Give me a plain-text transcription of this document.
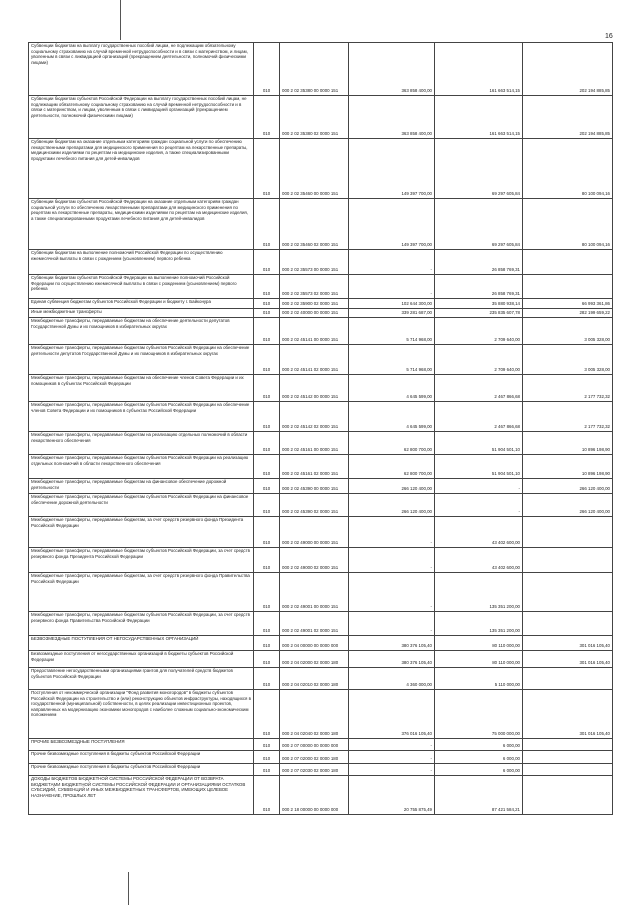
16
Субвенции бюджетам на выплату государственных пособий лицам, не подлежащим обязательному социальному страхованию на случай временной нетрудоспособности и в связи с материнством, и лицам, уволенным в связи с ликвидацией организаций (прекращением деятельности, полномочий физическими лицами)	010	000 2 02 35380 00 0000 151	363 858 400,00	161 663 514,15	202 194 885,85
Субвенции бюджетам субъектов Российской Федерации на выплату государственных пособий лицам, не подлежащим обязательному социальному страхованию на случай временной нетрудоспособности и в связи с материнством, и лицам, уволенным в связи с ликвидацией организаций (прекращением деятельности, полномочий физическими лицами)	010	000 2 02 35380 02 0000 151	363 858 400,00	161 663 514,15	202 194 885,85
Субвенции бюджетам на оказание отдельным категориям граждан социальной услуги по обеспечению лекарственными препаратами для медицинского применения по рецептам на лекарственные препараты, медицинскими изделиями по рецептам на медицинские изделия, а также специализированными продуктами лечебного питания для детей-инвалидов	010	000 2 02 35460 00 0000 151	149 397 700,00	69 297 605,84	80 100 094,16
Субвенции бюджетам субъектов Российской Федерации на оказание отдельным категориям граждан социальной услуги по обеспечению лекарственными препаратами для медицинского применения по рецептам на лекарственные препараты, медицинскими изделиями по рецептам на медицинские изделия, а также специализированными продуктами лечебного питания для детей-инвалидов	010	000 2 02 35460 02 0000 151	149 397 700,00	69 297 605,84	80 100 094,16
Субвенции бюджетам на выполнение полномочий Российской Федерации по осуществлению ежемесячной выплаты в связи с рождением (усыновлением) первого ребенка	010	000 2 02 35573 00 0000 151	-	26 858 769,31	
Субвенции бюджетам субъектов Российской Федерации на выполнение полномочий Российской Федерации по осуществлению ежемесячной выплаты в связи с рождением (усыновлением) первого ребенка	010	000 2 02 35573 02 0000 151	-	26 858 769,31	
Единая субвенция бюджетам субъектов Российской Федерации и бюджету г. Байконура	010	000 2 02 35900 02 0000 151	102 644 300,00	35 880 938,14	66 993 361,86
Иные межбюджетные трансферты	010	000 2 02 40000 00 0000 151	339 281 687,00	235 835 607,78	282 199 659,22
Межбюджетные трансферты, передаваемые бюджетам на обеспечение деятельности депутатов Государственной Думы и их помощников в избирательных округах	010	000 2 02 45141 00 0000 151	5 714 968,00	2 709 640,00	3 005 328,00
Межбюджетные трансферты, передаваемые бюджетам субъектов Российской Федерации на обеспечение деятельности депутатов Государственной Думы и их помощников в избирательных округах	010	000 2 02 45141 02 0000 151	5 714 968,00	2 709 640,00	3 005 328,00
Межбюджетные трансферты, передаваемые бюджетам на обеспечение членов Совета Федерации и их помощников в субъектах Российской Федерации	010	000 2 02 45142 00 0000 151	4 645 599,00	2 467 866,68	2 177 732,32
Межбюджетные трансферты, передаваемые бюджетам субъектов Российской Федерации на обеспечение членов Совета Федерации и их помощников в субъектах Российской Федерации	010	000 2 02 45142 02 0000 151	4 645 599,00	2 467 866,68	2 177 732,32
Межбюджетные трансферты, передаваемые бюджетам на реализацию отдельных полномочий в области лекарственного обеспечения	010	000 2 02 45161 00 0000 151	62 800 700,00	51 904 501,10	10 896 198,90
Межбюджетные трансферты, передаваемые бюджетам субъектов Российской Федерации на реализацию отдельных полномочий в области лекарственного обеспечения	010	000 2 02 45161 02 0000 151	62 800 700,00	51 904 501,10	10 896 198,90
Межбюджетные трансферты, передаваемые бюджетам на финансовое обеспечение дорожной деятельности	010	000 2 02 45390 00 0000 151	266 120 400,00	-	266 120 400,00
Межбюджетные трансферты, передаваемые бюджетам субъектов Российской Федерации на финансовое обеспечение дорожной деятельности	010	000 2 02 45390 02 0000 151	266 120 400,00	-	266 120 400,00
Межбюджетные трансферты, передаваемые бюджетам, за счет средств резервного фонда Президента Российской Федерации	010	000 2 02 49000 00 0000 151	-	43 402 600,00	
Межбюджетные трансферты, передаваемые бюджетам субъектов Российской Федерации, за счет средств резервного фонда Президента Российской Федерации	010	000 2 02 49000 02 0000 151	-	43 402 600,00	
Межбюджетные трансферты, передаваемые бюджетам, за счет средств резервного фонда Правительства Российской Федерации	010	000 2 02 49001 00 0000 151	-	135 351 200,00	
Межбюджетные трансферты, передаваемые бюджетам субъектов Российской Федерации, за счет средств резервного фонда Правительства Российской Федерации	010	000 2 02 49001 02 0000 151	-	135 351 200,00	
БЕЗВОЗМЕЗДНЫЕ ПОСТУПЛЕНИЯ ОТ НЕГОСУДАРСТВЕННЫХ ОРГАНИЗАЦИЙ	010	000 2 04 00000 00 0000 000	380 376 105,40	80 110 000,00	301 016 105,40
Безвозмездные поступления от негосударственных организаций в бюджеты субъектов Российской Федерации	010	000 2 04 02000 02 0000 180	380 376 105,40	80 110 000,00	301 016 105,40
Предоставление негосударственными организациями грантов для получателей средств бюджетов субъектов Российской Федерации	010	000 2 04 02010 02 0000 180	4 360 000,00	5 110 000,00	
Поступления от некоммерческой организации "Фонд развития моногородов" в бюджеты субъектов Российской Федерации на строительство и (или) реконструкцию объектов инфраструктуры, находящихся в государственной (муниципальной) собственности, в целях реализации инвестиционных проектов, направленных на модернизацию экономики моногородов с наиболее сложным социально-экономическим положением	010	000 2 04 02040 02 0000 180	376 016 105,40	75 000 000,00	301 016 105,40
ПРОЧИЕ БЕЗВОЗМЕЗДНЫЕ ПОСТУПЛЕНИЯ	010	000 2 07 00000 00 0000 000	-	6 000,00	
Прочие безвозмездные поступления в бюджеты субъектов Российской Федерации	010	000 2 07 02000 02 0000 180	-	6 000,00	
Прочие безвозмездные поступления в бюджеты субъектов Российской Федерации	010	000 2 07 02030 02 0000 180	-	6 000,00	
ДОХОДЫ БЮДЖЕТОВ БЮДЖЕТНОЙ СИСТЕМЫ РОССИЙСКОЙ ФЕДЕРАЦИИ ОТ ВОЗВРАТА БЮДЖЕТАМИ БЮДЖЕТНОЙ СИСТЕМЫ РОССИЙСКОЙ ФЕДЕРАЦИИ И ОРГАНИЗАЦИЯМИ ОСТАТКОВ СУБСИДИЙ, СУБВЕНЦИЙ И ИНЫХ МЕЖБЮДЖЕТНЫХ ТРАНСФЕРТОВ, ИМЕЮЩИХ ЦЕЛЕВОЕ НАЗНАЧЕНИЕ, ПРОШЛЫХ ЛЕТ	010	000 2 18 00000 00 0000 000	20 755 875,49	87 421 584,21	
